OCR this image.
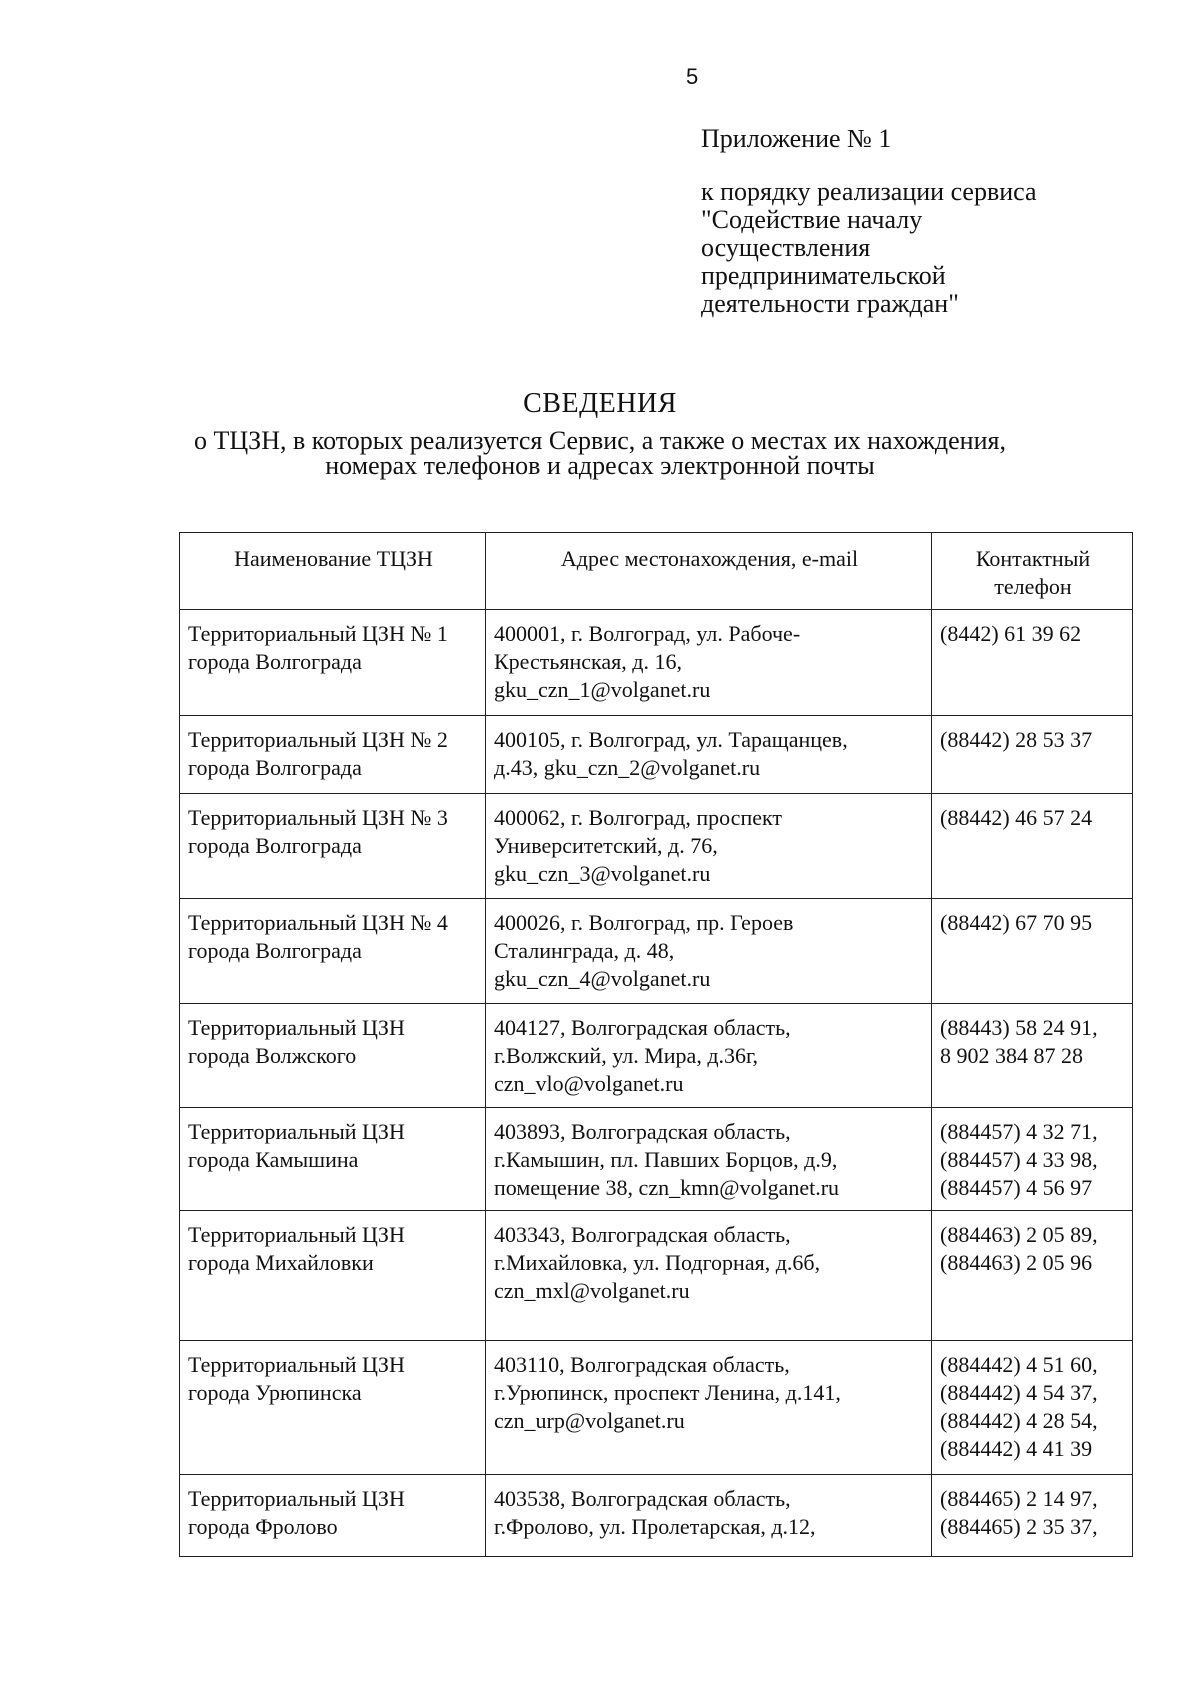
5
Приложение № 1
к порядку реализации сервиса
"Содействие началу
осуществления
предпринимательской
деятельности граждан"
СВЕДЕНИЯ
о ТЦЗН, в которых реализуется Сервис, а также о местах их нахождения,
номерах телефонов и адресах электронной почты
Наименование ТЦЗН	Адрес местонахождения, e-mail	Контактный
телефон

Территориальный ЦЗН № 1
города Волгограда	400001, г. Волгоград, ул. Рабоче-
Крестьянская, д. 16,
gku_czn_1@volganet.ru	(8442) 61 39 62

Территориальный ЦЗН № 2
города Волгограда	400105, г. Волгоград, ул. Таращанцев,
д.43, gku_czn_2@volganet.ru	(88442) 28 53 37

Территориальный ЦЗН № 3
города Волгограда	400062, г. Волгоград, проспект
Университетский, д. 76,
gku_czn_3@volganet.ru	(88442) 46 57 24

Территориальный ЦЗН № 4
города Волгограда	400026, г. Волгоград, пр. Героев
Сталинграда, д. 48,
gku_czn_4@volganet.ru	(88442) 67 70 95

Территориальный ЦЗН
города Волжского	404127, Волгоградская область,
г.Волжский, ул. Мира, д.36г,
czn_vlo@volganet.ru	(88443) 58 24 91,
8 902 384 87 28

Территориальный ЦЗН
города Камышина	403893, Волгоградская область,
г.Камышин, пл. Павших Борцов, д.9,
помещение 38, czn_kmn@volganet.ru	(884457) 4 32 71,
(884457) 4 33 98,
(884457) 4 56 97

Территориальный ЦЗН
города Михайловки	403343, Волгоградская область,
г.Михайловка, ул. Подгорная, д.6б,
czn_mxl@volganet.ru	(884463) 2 05 89,
(884463) 2 05 96

Территориальный ЦЗН
города Урюпинска	403110, Волгоградская область,
г.Урюпинск, проспект Ленина, д.141,
czn_urp@volganet.ru	(884442) 4 51 60,
(884442) 4 54 37,
(884442) 4 28 54,
(884442) 4 41 39

Территориальный ЦЗН
города Фролово	403538, Волгоградская область,
г.Фролово, ул. Пролетарская, д.12,	(884465) 2 14 97,
(884465) 2 35 37,
